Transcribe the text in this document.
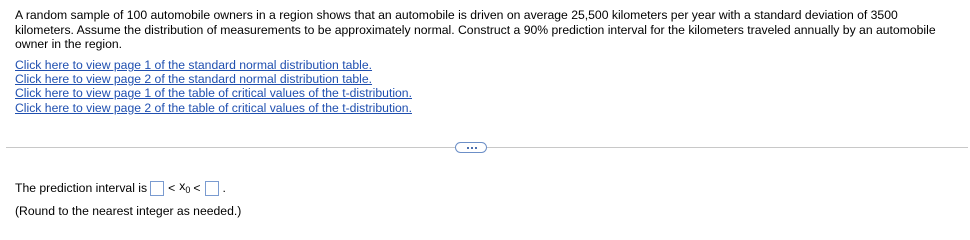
A random sample of 100 automobile owners in a region shows that an automobile is driven on average 25,500 kilometers per year with a standard deviation of 3500 kilometers. Assume the distribution of measurements to be approximately normal. Construct a 90% prediction interval for the kilometers traveled annually by an automobile owner in the region.

Click here to view page 1 of the standard normal distribution table.
Click here to view page 2 of the standard normal distribution table.
Click here to view page 1 of the table of critical values of the t-distribution.
Click here to view page 2 of the table of critical values of the t-distribution.
The prediction interval is < $x_0$ < .
(Round to the nearest integer as needed.)
